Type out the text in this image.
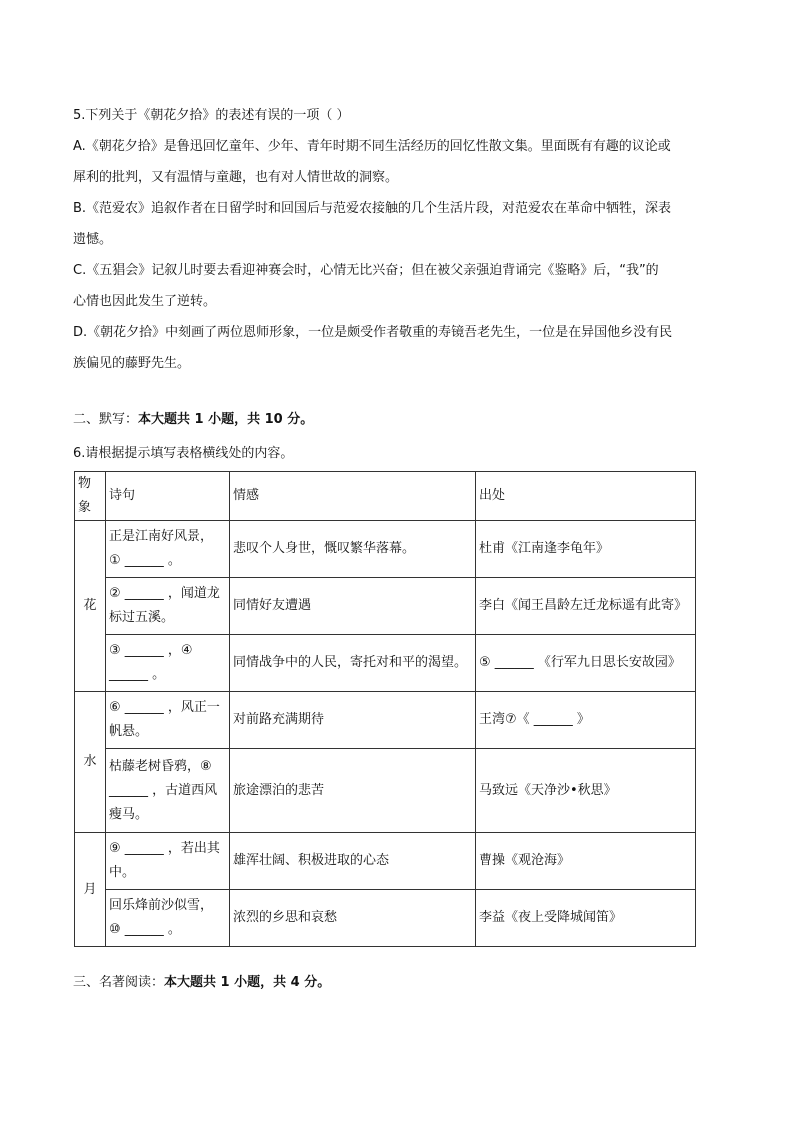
5.下列关于《朝花夕拾》的表述有误的一项（ ）

A.《朝花夕拾》是鲁迅回忆童年、少年、青年时期不同生活经历的回忆性散文集。里面既有有趣的议论或

犀利的批判，又有温情与童趣，也有对人情世故的洞察。

B.《范爱农》追叙作者在日留学时和回国后与范爱农接触的几个生活片段，对范爱农在革命中牺牲，深表

遗憾。

C.《五猖会》记叙儿时要去看迎神赛会时，心情无比兴奋；但在被父亲强迫背诵完《鉴略》后，“我”的

心情也因此发生了逆转。

D.《朝花夕拾》中刻画了两位恩师形象，一位是颇受作者敬重的寿镜吾老先生，一位是在异国他乡没有民

族偏见的藤野先生。

二、默写：本大题共 1 小题，共 10 分。
6.请根据提示填写表格横线处的内容。
物象	诗句	情感	出处
花	正是江南好风景，
① ______ 。	悲叹个人身世，慨叹繁华落幕。	杜甫《江南逢李龟年》

	② ______ ，闻道龙
标过五溪。	同情好友遭遇	李白《闻王昌龄左迁龙标遥有此寄》

	③ ______ ，④
______ 。	同情战争中的人民，寄托对和平的渴望。	⑤ ______ 《行军九日思长安故园》
水	⑥ ______ ，风正一
帆悬。	对前路充满期待	王湾⑦《 ______ 》

	枯藤老树昏鸦，⑧
______ ，古道西风
瘦马。	旅途漂泊的悲苦	马致远《天净沙•秋思》
月	⑨ ______ ，若出其
中。	雄浑壮阔、积极进取的心态	曹操《观沧海》

	回乐烽前沙似雪，
⑩ ______ 。	浓烈的乡思和哀愁	李益《夜上受降城闻笛》
三、名著阅读：本大题共 1 小题，共 4 分。
